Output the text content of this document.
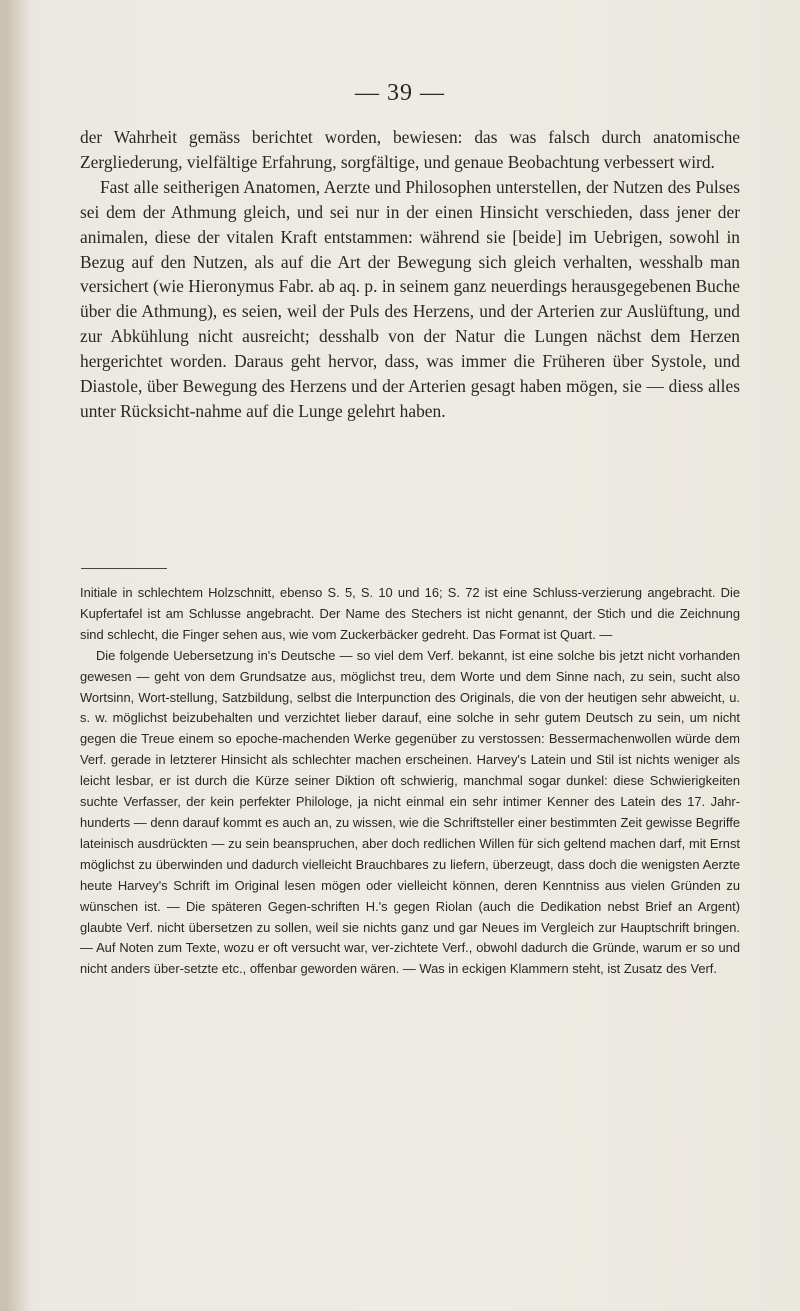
— 39 —

der Wahrheit gemäss berichtet worden, bewiesen: das was falsch durch anatomische Zergliederung, vielfältige Erfahrung, sorgfältige, und genaue Beobachtung verbessert wird.

Fast alle seitherigen Anatomen, Aerzte und Philosophen unterstellen, der Nutzen des Pulses sei dem der Athmung gleich, und sei nur in der einen Hinsicht verschieden, dass jener der animalen, diese der vitalen Kraft entstammen: während sie [beide] im Uebrigen, sowohl in Bezug auf den Nutzen, als auf die Art der Bewegung sich gleich verhalten, wesshalb man versichert (wie Hieronymus Fabr. ab aq. p. in seinem ganz neuerdings herausgegebenen Buche über die Athmung), es seien, weil der Puls des Herzens, und der Arterien zur Auslüftung, und zur Abkühlung nicht ausreicht; desshalb von der Natur die Lungen nächst dem Herzen hergerichtet worden. Daraus geht hervor, dass, was immer die Früheren über Systole, und Diastole, über Bewegung des Herzens und der Arterien gesagt haben mögen, sie — diess alles unter Rücksicht-nahme auf die Lunge gelehrt haben.

Initiale in schlechtem Holzschnitt, ebenso S. 5, S. 10 und 16; S. 72 ist eine Schluss-verzierung angebracht. Die Kupfertafel ist am Schlusse angebracht. Der Name des Stechers ist nicht genannt, der Stich und die Zeichnung sind schlecht, die Finger sehen aus, wie vom Zuckerbäcker gedreht. Das Format ist Quart. —

Die folgende Uebersetzung in's Deutsche — so viel dem Verf. bekannt, ist eine solche bis jetzt nicht vorhanden gewesen — geht von dem Grundsatze aus, möglichst treu, dem Worte und dem Sinne nach, zu sein, sucht also Wortsinn, Wort-stellung, Satzbildung, selbst die Interpunction des Originals, die von der heutigen sehr abweicht, u. s. w. möglichst beizubehalten und verzichtet lieber darauf, eine solche in sehr gutem Deutsch zu sein, um nicht gegen die Treue einem so epoche-machenden Werke gegenüber zu verstossen: Bessermachenwollen würde dem Verf. gerade in letzterer Hinsicht als schlechter machen erscheinen. Harvey's Latein und Stil ist nichts weniger als leicht lesbar, er ist durch die Kürze seiner Diktion oft schwierig, manchmal sogar dunkel: diese Schwierigkeiten suchte Verfasser, der kein perfekter Philologe, ja nicht einmal ein sehr intimer Kenner des Latein des 17. Jahr-hunderts — denn darauf kommt es auch an, zu wissen, wie die Schriftsteller einer bestimmten Zeit gewisse Begriffe lateinisch ausdrückten — zu sein beanspruchen, aber doch redlichen Willen für sich geltend machen darf, mit Ernst möglichst zu überwinden und dadurch vielleicht Brauchbares zu liefern, überzeugt, dass doch die wenigsten Aerzte heute Harvey's Schrift im Original lesen mögen oder vielleicht können, deren Kenntniss aus vielen Gründen zu wünschen ist. — Die späteren Gegen-schriften H.'s gegen Riolan (auch die Dedikation nebst Brief an Argent) glaubte Verf. nicht übersetzen zu sollen, weil sie nichts ganz und gar Neues im Vergleich zur Hauptschrift bringen. — Auf Noten zum Texte, wozu er oft versucht war, ver-zichtete Verf., obwohl dadurch die Gründe, warum er so und nicht anders über-setzte etc., offenbar geworden wären. — Was in eckigen Klammern steht, ist Zusatz des Verf.
